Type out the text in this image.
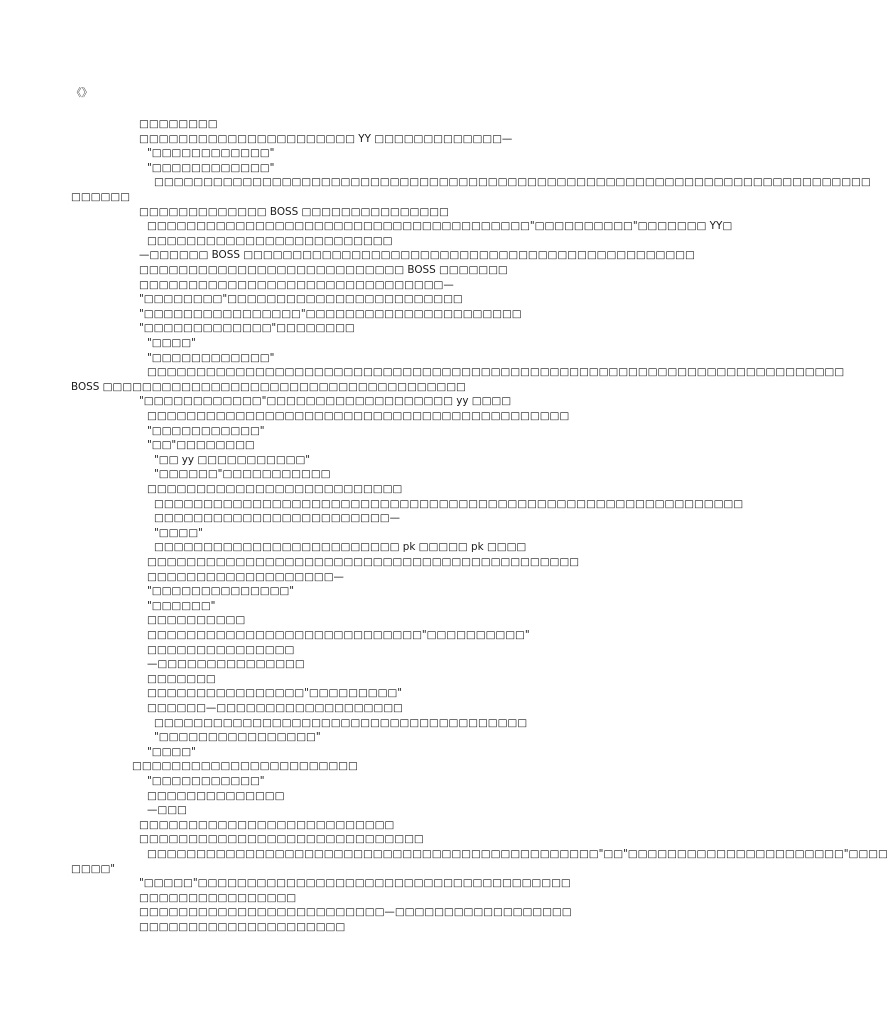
《》
□□□□□□□□
□□□□□□□□□□□□□□□□□□□□□□ YY □□□□□□□□□□□□□—
"□□□□□□□□□□□□"
"□□□□□□□□□□□□"
□□□□□□□□□□□□□□□□□□□□□□□□□□□□□□□□□□□□□□□□□□□□□□□□□□□□□□□□□□□□□□□□□□□□□□□□□
□□□□□□
□□□□□□□□□□□□□ BOSS □□□□□□□□□□□□□□□
□□□□□□□□□□□□□□□□□□□□□□□□□□□□□□□□□□□□□□□"□□□□□□□□□□"□□□□□□□ YY□
□□□□□□□□□□□□□□□□□□□□□□□□□
—□□□□□□ BOSS □□□□□□□□□□□□□□□□□□□□□□□□□□□□□□□□□□□□□□□□□□□□□□
□□□□□□□□□□□□□□□□□□□□□□□□□□□ BOSS □□□□□□□
□□□□□□□□□□□□□□□□□□□□□□□□□□□□□□□—
"□□□□□□□□"□□□□□□□□□□□□□□□□□□□□□□□□
"□□□□□□□□□□□□□□□□"□□□□□□□□□□□□□□□□□□□□□□
"□□□□□□□□□□□□□"□□□□□□□□
"□□□□"
"□□□□□□□□□□□□"
□□□□□□□□□□□□□□□□□□□□□□□□□□□□□□□□□□□□□□□□□□□□□□□□□□□□□□□□□□□□□□□□□□□□□□□
BOSS □□□□□□□□□□□□□□□□□□□□□□□□□□□□□□□□□□□□□
"□□□□□□□□□□□□"□□□□□□□□□□□□□□□□□□□ yy □□□□
□□□□□□□□□□□□□□□□□□□□□□□□□□□□□□□□□□□□□□□□□□□
"□□□□□□□□□□□"
"□□"□□□□□□□□
"□□ yy □□□□□□□□□□□"
"□□□□□□"□□□□□□□□□□□
□□□□□□□□□□□□□□□□□□□□□□□□□□
□□□□□□□□□□□□□□□□□□□□□□□□□□□□□□□□□□□□□□□□□□□□□□□□□□□□□□□□□□□□
□□□□□□□□□□□□□□□□□□□□□□□□—
"□□□□"
□□□□□□□□□□□□□□□□□□□□□□□□□ pk □□□□□ pk □□□□
□□□□□□□□□□□□□□□□□□□□□□□□□□□□□□□□□□□□□□□□□□□□
□□□□□□□□□□□□□□□□□□□—
"□□□□□□□□□□□□□□"
"□□□□□□"
□□□□□□□□□□
□□□□□□□□□□□□□□□□□□□□□□□□□□□□"□□□□□□□□□□"
□□□□□□□□□□□□□□□
—□□□□□□□□□□□□□□□
□□□□□□□
□□□□□□□□□□□□□□□□"□□□□□□□□□"
□□□□□□—□□□□□□□□□□□□□□□□□□□
□□□□□□□□□□□□□□□□□□□□□□□□□□□□□□□□□□□□□□
"□□□□□□□□□□□□□□□□"
"□□□□"
□□□□□□□□□□□□□□□□□□□□□□□
"□□□□□□□□□□□"
□□□□□□□□□□□□□□
—□□□
□□□□□□□□□□□□□□□□□□□□□□□□□□
□□□□□□□□□□□□□□□□□□□□□□□□□□□□□
□□□□□□□□□□□□□□□□□□□□□□□□□□□□□□□□□□□□□□□□□□□□□□"□□"□□□□□□□□□□□□□□□□□□□□□□"□□□□
□□□□"
"□□□□□"□□□□□□□□□□□□□□□□□□□□□□□□□□□□□□□□□□□□□□
□□□□□□□□□□□□□□□□
□□□□□□□□□□□□□□□□□□□□□□□□□—□□□□□□□□□□□□□□□□□□
□□□□□□□□□□□□□□□□□□□□□
